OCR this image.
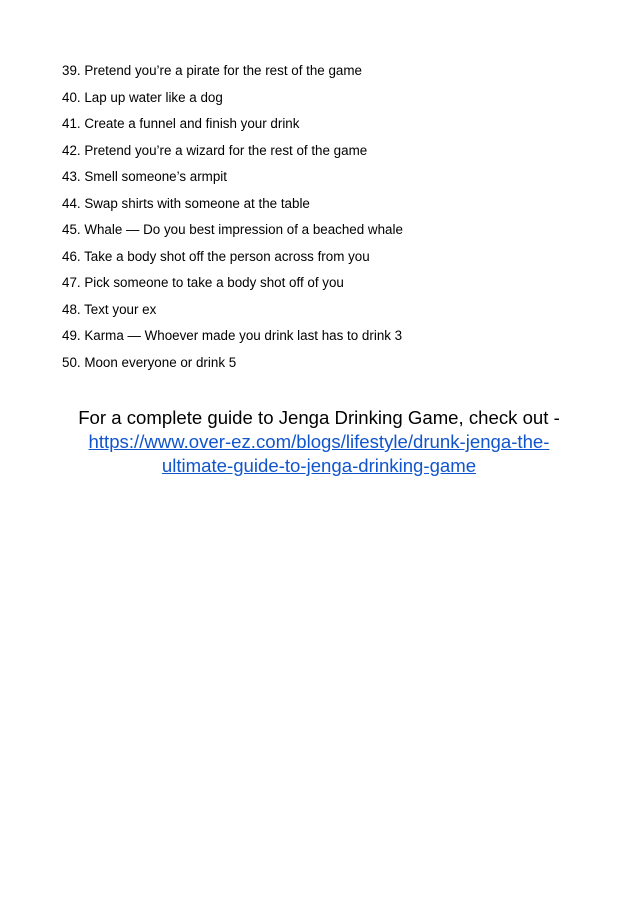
39. Pretend you’re a pirate for the rest of the game
40. Lap up water like a dog
41. Create a funnel and finish your drink
42. Pretend you’re a wizard for the rest of the game
43. Smell someone’s armpit
44. Swap shirts with someone at the table
45. Whale — Do you best impression of a beached whale
46. Take a body shot off the person across from you
47. Pick someone to take a body shot off of you
48. Text your ex
49. Karma — Whoever made you drink last has to drink 3
50. Moon everyone or drink 5
For a complete guide to Jenga Drinking Game, check out -
https://www.over-ez.com/blogs/lifestyle/drunk-jenga-the-
ultimate-guide-to-jenga-drinking-game
